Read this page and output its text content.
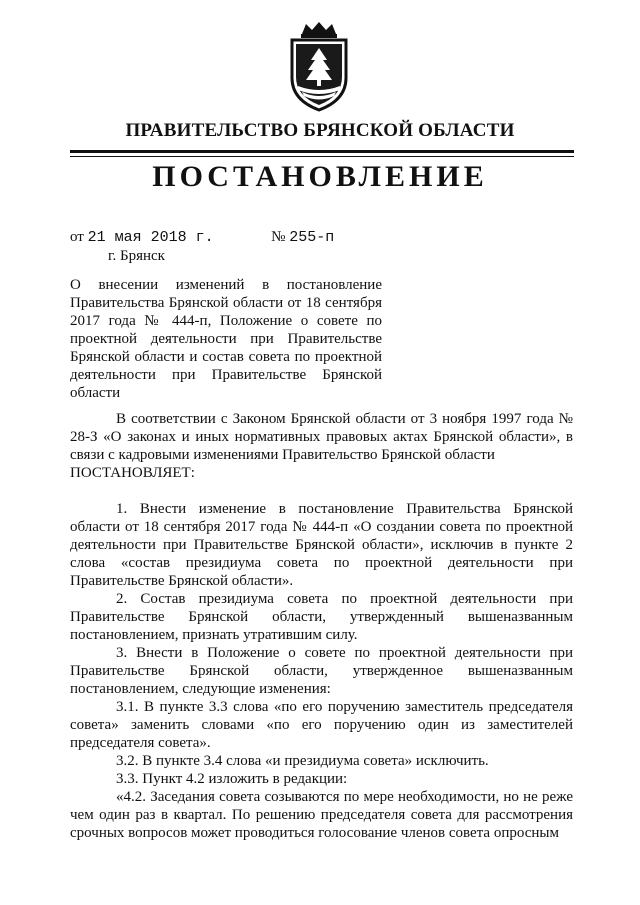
ПРАВИТЕЛЬСТВО БРЯНСКОЙ ОБЛАСТИ
ПОСТАНОВЛЕНИЕ
от 21 мая 2018 г.	№ 255-п
г. Брянск
О внесении изменений в постановление Правительства Брянской области от 18 сентября 2017 года № 444-п, Положение о совете по проектной деятельности при Правительстве Брянской области и состав совета по проектной деятельности при Правительстве Брянской области

В соответствии с Законом Брянской области от 3 ноября 1997 года № 28-З «О законах и иных нормативных правовых актах Брянской области», в связи с кадровыми изменениями Правительство Брянской области

ПОСТАНОВЛЯЕТ:

1. Внести изменение в постановление Правительства Брянской области от 18 сентября 2017 года № 444-п «О создании совета по проектной деятельности при Правительстве Брянской области», исключив в пункте 2 слова «состав президиума совета по проектной деятельности при Правительстве Брянской области».

2. Состав президиума совета по проектной деятельности при Правительстве Брянской области, утвержденный вышеназванным постановлением, признать утратившим силу.

3. Внести в Положение о совете по проектной деятельности при Правительстве Брянской области, утвержденное вышеназванным постановлением, следующие изменения:

3.1. В пункте 3.3 слова «по его поручению заместитель председателя совета» заменить словами «по его поручению один из заместителей председателя совета».

3.2. В пункте 3.4 слова «и президиума совета» исключить.

3.3. Пункт 4.2 изложить в редакции:

«4.2. Заседания совета созываются по мере необходимости, но не реже чем один раз в квартал. По решению председателя совета для рассмотрения срочных вопросов может проводиться голосование членов совета опросным
